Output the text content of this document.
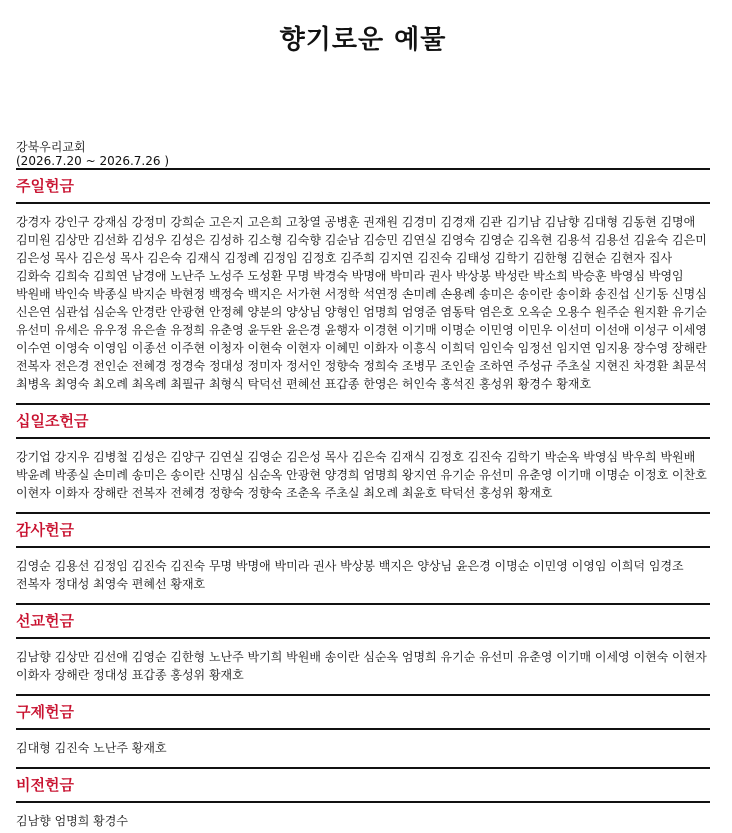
향기로운 예물
강북우리교회
(2026.7.20 ~ 2026.7.26 )
주일헌금
강경자 강인구 강재심 강정미 강희순 고은지 고은희 고창열 공병훈 권재원 김경미 김경재 김관 김기남 김남향 김대형 김동현 김명애 김미원 김상만 김선화 김성우 김성은 김성하 김소형 김숙향 김순남 김승민 김연실 김영숙 김영순 김옥현 김용석 김용선 김윤숙 김은미 김은성 목사 김은성 목사 김은숙 김재식 김정례 김정임 김정호 김주희 김지연 김진숙 김태성 김학기 김한형 김현순 김현자 집사 김화숙 김희숙 김희연 남경애 노난주 노성주 도성환 무명 박경숙 박명애 박미라 권사 박상봉 박성란 박소희 박승훈 박영심 박영임 박원배 박인숙 박종실 박지순 박현정 백정숙 백지은 서가현 서정학 석연정 손미례 손용례 송미은 송이란 송이화 송진섭 신기동 신명심 신은연 심관섭 심순옥 안경란 안광현 안정혜 양분의 양상님 양형인 엄명희 엄영준 염동탁 염은호 오옥순 오용수 원주순 원지환 유기순 유선미 유세은 유우정 유은솔 유정희 유춘영 윤두완 윤은경 윤행자 이경현 이기매 이명순 이민영 이민우 이선미 이선애 이성구 이세영 이수연 이영숙 이영임 이종선 이주현 이청자 이현숙 이현자 이혜민 이화자 이흥식 이희덕 임인숙 임정선 임지연 임지용 장수영 장해란 전복자 전은경 전인순 전혜경 정경숙 정대성 정미자 정서인 정향숙 정희숙 조병무 조인술 조하연 주성규 주초실 지현진 차경환 최문석 최병옥 최영숙 최오례 최옥례 최필규 최형식 탁덕선 편혜선 표갑종 한영은 허인숙 홍석진 홍성위 황경수 황재호
십일조헌금
강기업 강지우 김병철 김성은 김양구 김연실 김영순 김은성 목사 김은숙 김재식 김정호 김진숙 김학기 박순옥 박영심 박우희 박원배 박윤례 박종실 손미례 송미은 송이란 신명심 심순옥 안광현 양경희 엄명희 왕지연 유기순 유선미 유춘영 이기매 이명순 이정호 이찬호 이현자 이화자 장해란 전복자 전혜경 정향숙 정향숙 조춘옥 주초실 최오례 최윤호 탁덕선 홍성위 황재호
감사헌금
김영순 김용선 김정임 김진숙 김진숙 무명 박명애 박미라 권사 박상봉 백지은 양상님 윤은경 이명순 이민영 이영임 이희덕 임경조 전복자 정대성 최영숙 편혜선 황재호
선교헌금
김남향 김상만 김선애 김영순 김한형 노난주 박기희 박원배 송이란 심순옥 엄명희 유기순 유선미 유춘영 이기매 이세영 이현숙 이현자 이화자 장해란 정대성 표갑종 홍성위 황재호
구제헌금
김대형 김진숙 노난주 황재호
비전헌금
김남향 엄명희 황경수
